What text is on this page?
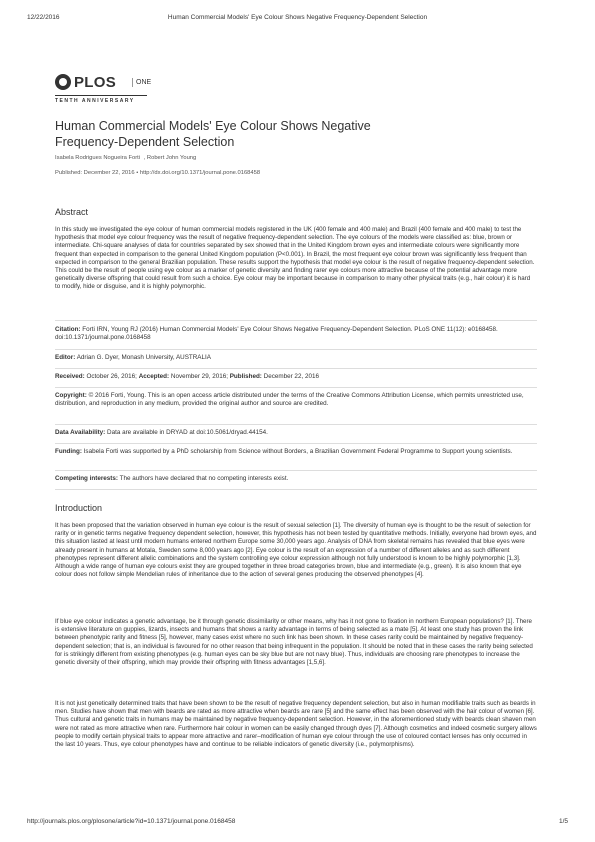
12/22/2016	Human Commercial Models' Eye Colour Shows Negative Frequency-Dependent Selection
PLOS	ONE
TENTH ANNIVERSARY
Human Commercial Models' Eye Colour Shows Negative Frequency-Dependent Selection
Isabela Rodrigues Nogueira Forti , Robert John Young
Published: December 22, 2016 • http://dx.doi.org/10.1371/journal.pone.0168458
Abstract

In this study we investigated the eye colour of human commercial models registered in the UK (400 female and 400 male) and Brazil (400 female and 400 male) to test the hypothesis that model eye colour frequency was the result of negative frequency-dependent selection. The eye colours of the models were classified as: blue, brown or intermediate. Chi-square analyses of data for countries separated by sex showed that in the United Kingdom brown eyes and intermediate colours were significantly more frequent than expected in comparison to the general United Kingdom population (P<0.001). In Brazil, the most frequent eye colour brown was significantly less frequent than expected in comparison to the general Brazilian population. These results support the hypothesis that model eye colour is the result of negative frequency-dependent selection. This could be the result of people using eye colour as a marker of genetic diversity and finding rarer eye colours more attractive because of the potential advantage more genetically diverse offspring that could result from such a choice. Eye colour may be important because in comparison to many other physical traits (e.g., hair colour) it is hard to modify, hide or disguise, and it is highly polymorphic.

Citation: Forti IRN, Young RJ (2016) Human Commercial Models' Eye Colour Shows Negative Frequency-Dependent Selection. PLoS ONE 11(12): e0168458. doi:10.1371/journal.pone.0168458
Editor: Adrian G. Dyer, Monash University, AUSTRALIA
Received: October 26, 2016; Accepted: November 29, 2016; Published: December 22, 2016
Copyright: © 2016 Forti, Young. This is an open access article distributed under the terms of the Creative Commons Attribution License, which permits unrestricted use, distribution, and reproduction in any medium, provided the original author and source are credited.
Data Availability: Data are available in DRYAD at doi:10.5061/dryad.44154.
Funding: Isabela Forti was supported by a PhD scholarship from Science without Borders, a Brazilian Government Federal Programme to Support young scientists.
Competing interests: The authors have declared that no competing interests exist.
Introduction

It has been proposed that the variation observed in human eye colour is the result of sexual selection [1]. The diversity of human eye is thought to be the result of selection for rarity or in genetic terms negative frequency dependent selection, however, this hypothesis has not been tested by quantitative methods. Initially, everyone had brown eyes, and this situation lasted at least until modern humans entered northern Europe some 30,000 years ago. Analysis of DNA from skeletal remains has revealed that blue eyes were already present in humans at Motala, Sweden some 8,000 years ago [2]. Eye colour is the result of an expression of a number of different alleles and as such different phenotypes represent different allelic combinations and the system controlling eye colour expression although not fully understood is known to be highly polymorphic [1,3]. Although a wide range of human eye colours exist they are grouped together in three broad categories brown, blue and intermediate (e.g., green). It is also known that eye colour does not follow simple Mendelian rules of inheritance due to the action of several genes producing the observed phenotypes [4].

If blue eye colour indicates a genetic advantage, be it through genetic dissimilarity or other means, why has it not gone to fixation in northern European populations? [1]. There is extensive literature on guppies, lizards, insects and humans that shows a rarity advantage in terms of being selected as a mate [5]. At least one study has proven the link between phenotypic rarity and fitness [5], however, many cases exist where no such link has been shown. In these cases rarity could be maintained by negative frequency-dependent selection; that is, an individual is favoured for no other reason that being infrequent in the population. It should be noted that in these cases the rarity being selected for is strikingly different from existing phenotypes (e.g. human eyes can be sky blue but are not navy blue). Thus, individuals are choosing rare phenotypes to increase the genetic diversity of their offspring, which may provide their offspring with fitness advantages [1,5,6].

It is not just genetically determined traits that have been shown to be the result of negative frequency dependent selection, but also in human modifiable traits such as beards in men. Studies have shown that men with beards are rated as more attractive when beards are rare [5] and the same effect has been observed with the hair colour of women [6]. Thus cultural and genetic traits in humans may be maintained by negative frequency-dependent selection. However, in the aforementioned study with beards clean shaven men were not rated as more attractive when rare. Furthermore hair colour in women can be easily changed through dyes [7]. Although cosmetics and indeed cosmetic surgery allows people to modify certain physical traits to appear more attractive and rarer–modification of human eye colour through the use of coloured contact lenses has only occurred in the last 10 years. Thus, eye colour phenotypes have and continue to be reliable indicators of genetic diversity (i.e., polymorphisms).

http://journals.plos.org/plosone/article?id=10.1371/journal.pone.0168458	1/5
